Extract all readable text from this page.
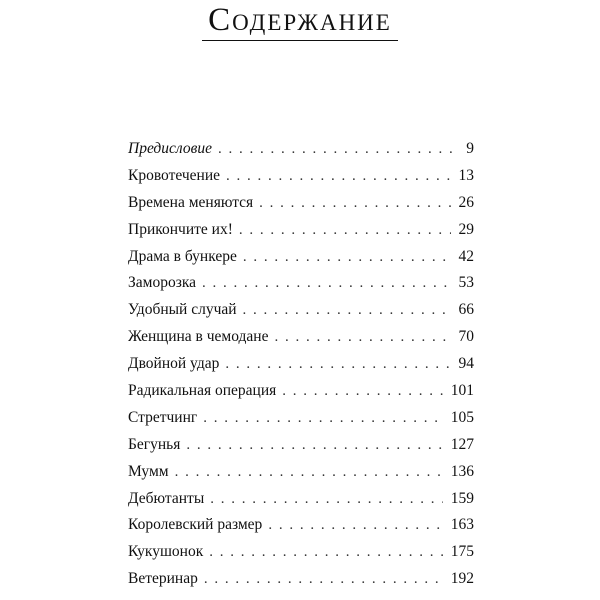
Содержание
Предисловие . . .	9
Кровотечение . . .	13
Времена меняются . . .	26
Прикончите их! . . .	29
Драма в бункере . . .	42
Заморозка . . .	53
Удобный случай . . .	66
Женщина в чемодане . . .	70
Двойной удар . . .	94
Радикальная операция . . .	101
Стретчинг . . .	105
Бегунья . . .	127
Мумм . . .	136
Дебютанты . . .	159
Королевский размер . . .	163
Кукушонок . . .	175
Ветеринар . . .	192
